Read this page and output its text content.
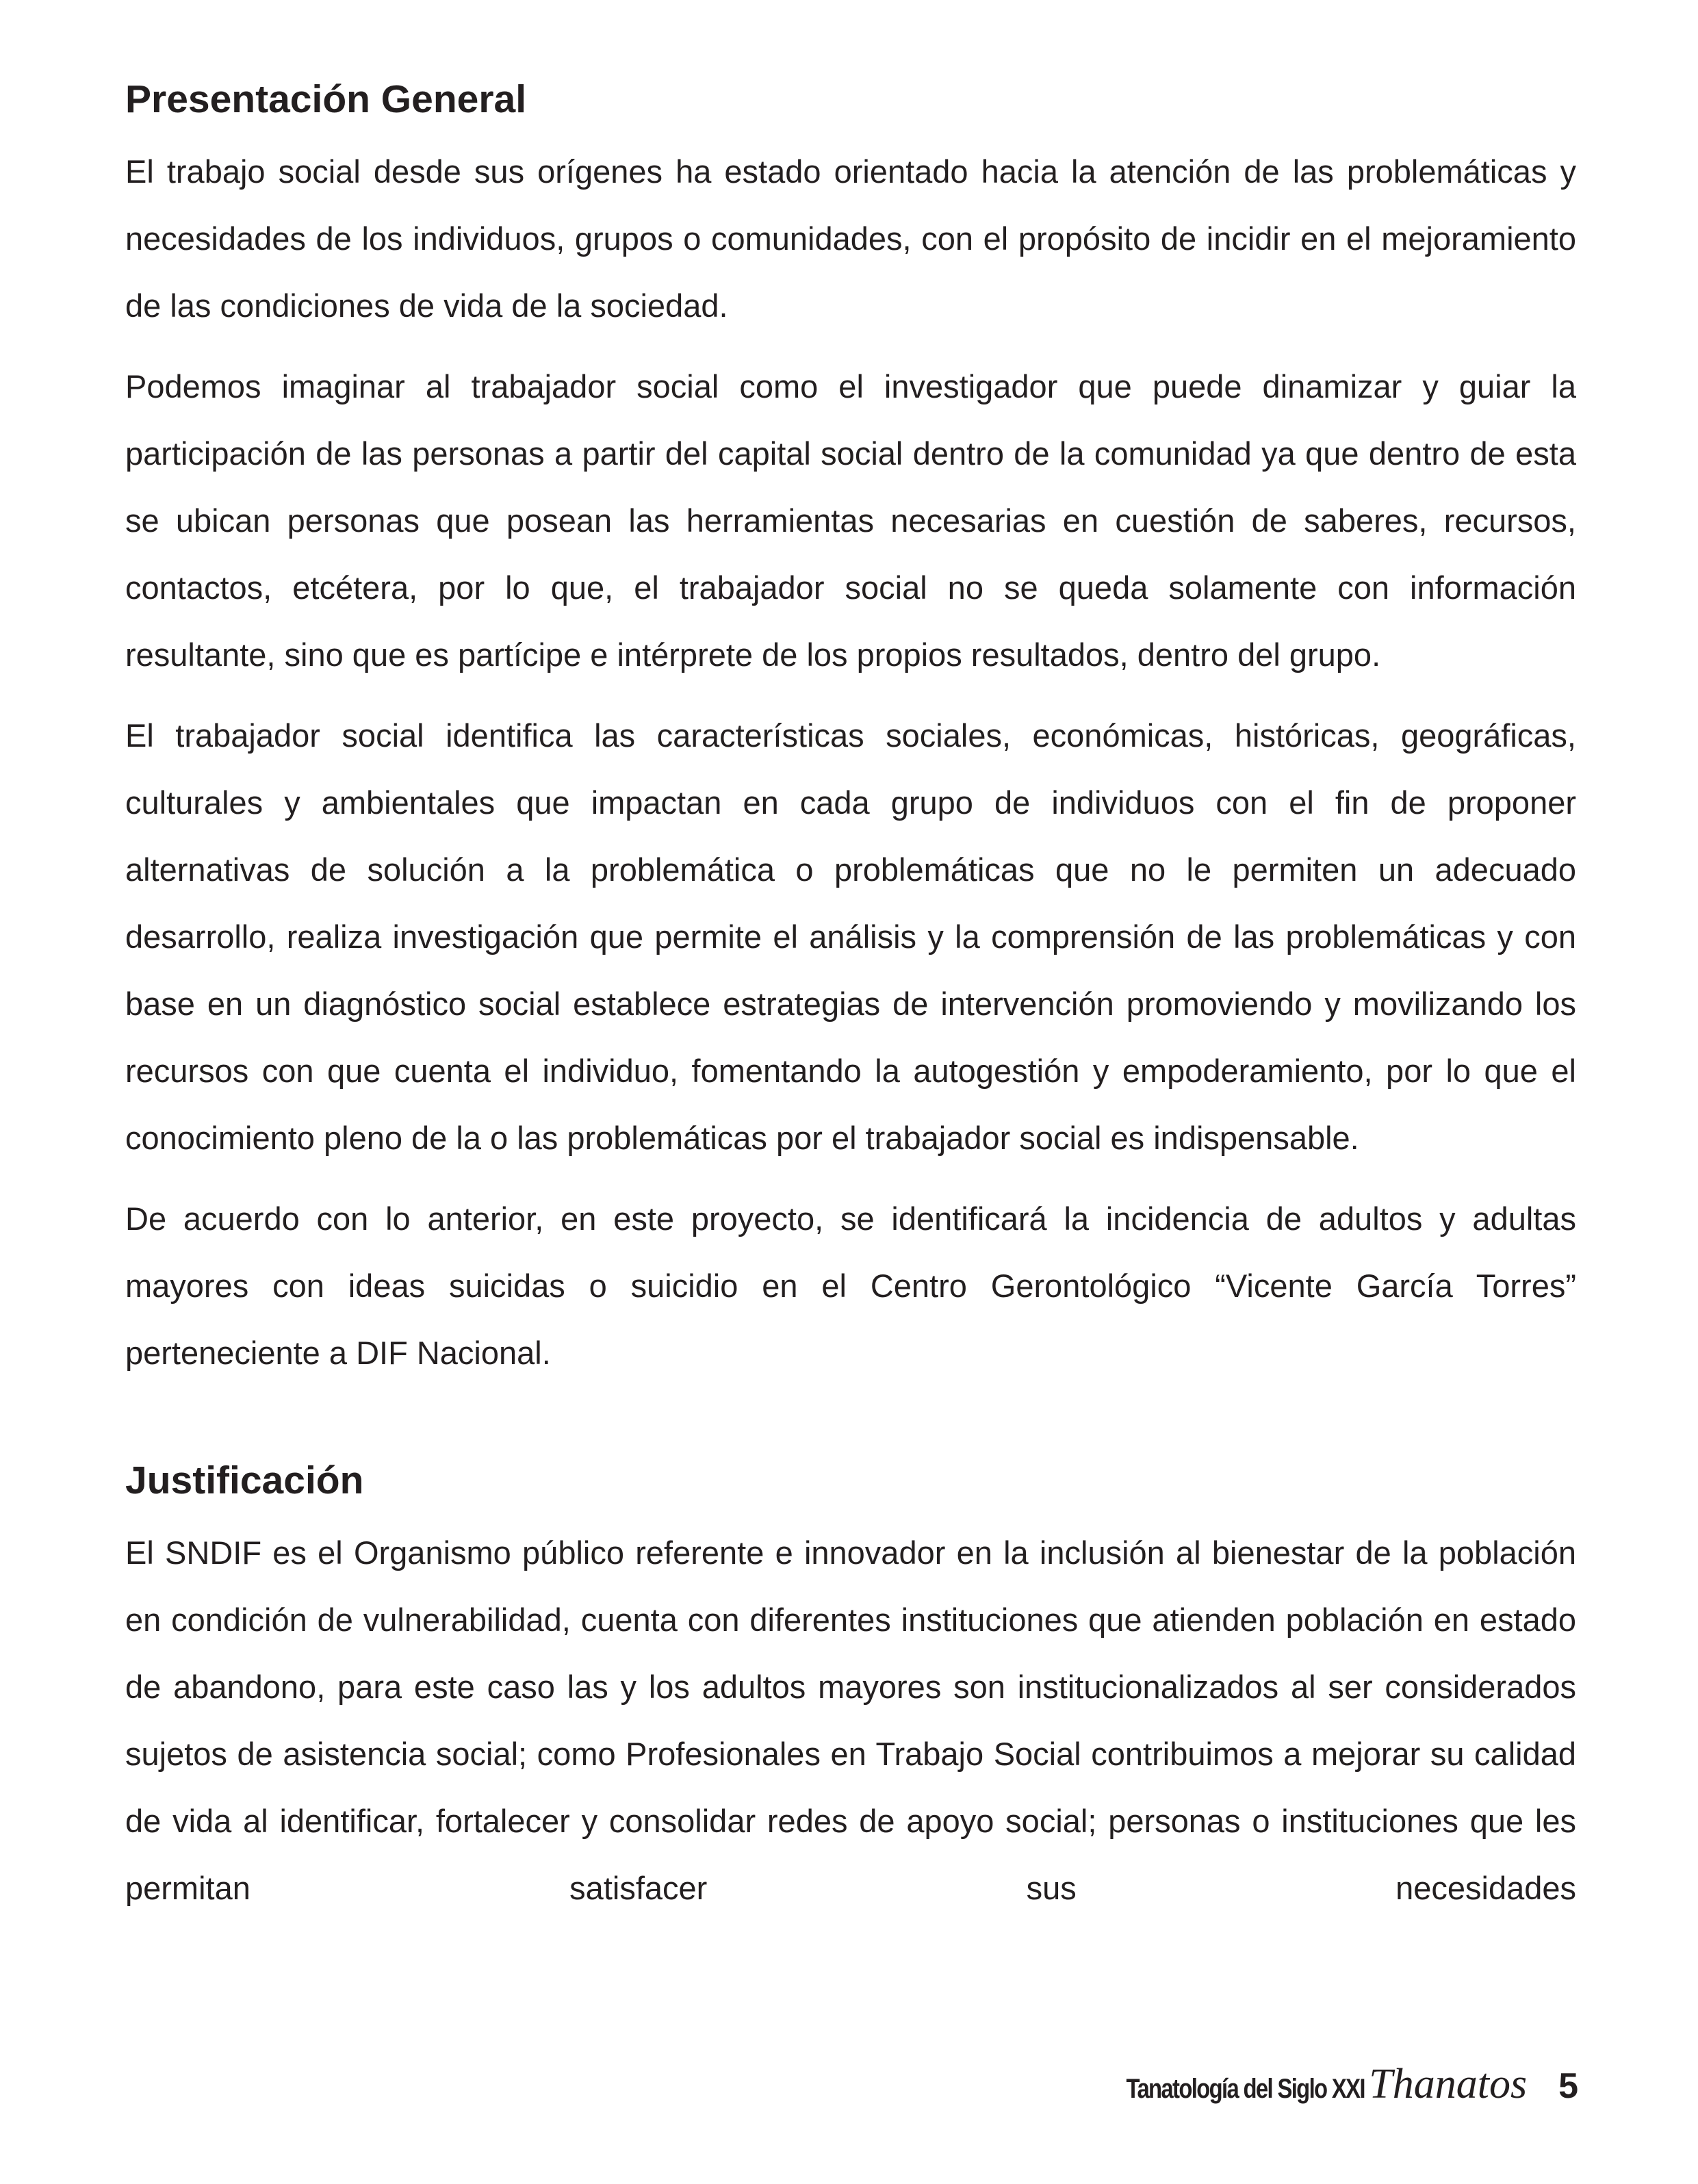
Presentación General

El trabajo social desde sus orígenes ha estado orientado hacia la atención de las problemáticas y necesidades de los individuos, grupos o comunidades, con el propósito de incidir en el mejoramiento de las condiciones de vida de la sociedad.

Podemos imaginar al trabajador social como el investigador que puede dinamizar y guiar la participación de las personas a partir del capital social dentro de la comunidad ya que dentro de esta se ubican personas que posean las herramientas necesarias en cuestión de saberes, recursos, contactos, etcétera, por lo que, el trabajador social no se queda solamente con información resultante, sino que es partícipe e intérprete de los propios resultados, dentro del grupo.

El trabajador social identifica las características sociales, económicas, históricas, geográficas, culturales y ambientales que impactan en cada grupo de individuos con el fin de proponer alternativas de solución a la problemática o problemáticas que no le permiten un adecuado desarrollo, realiza investigación que permite el análisis y la comprensión de las problemáticas y con base en un diagnóstico social establece estrategias de intervención promoviendo y movilizando los recursos con que cuenta el individuo, fomentando la autogestión y empoderamiento, por lo que el conocimiento pleno de la o las problemáticas por el trabajador social es indispensable.

De acuerdo con lo anterior, en este proyecto, se identificará la incidencia de adultos y adultas mayores con ideas suicidas o suicidio en el Centro Gerontológico “Vicente García Torres” perteneciente a DIF Nacional.

Justificación

El SNDIF es el Organismo público referente e innovador en la inclusión al bienestar de la población en condición de vulnerabilidad, cuenta con diferentes instituciones que atienden población en estado de abandono, para este caso las y los adultos mayores son institucionalizados al ser considerados sujetos de asistencia social; como Profesionales en Trabajo Social contribuimos a mejorar su calidad de vida al identificar, fortalecer y consolidar redes de apoyo social; personas o instituciones que les permitan satisfacer sus necesidades

Tanatología del Siglo XXI Thanatos 5
